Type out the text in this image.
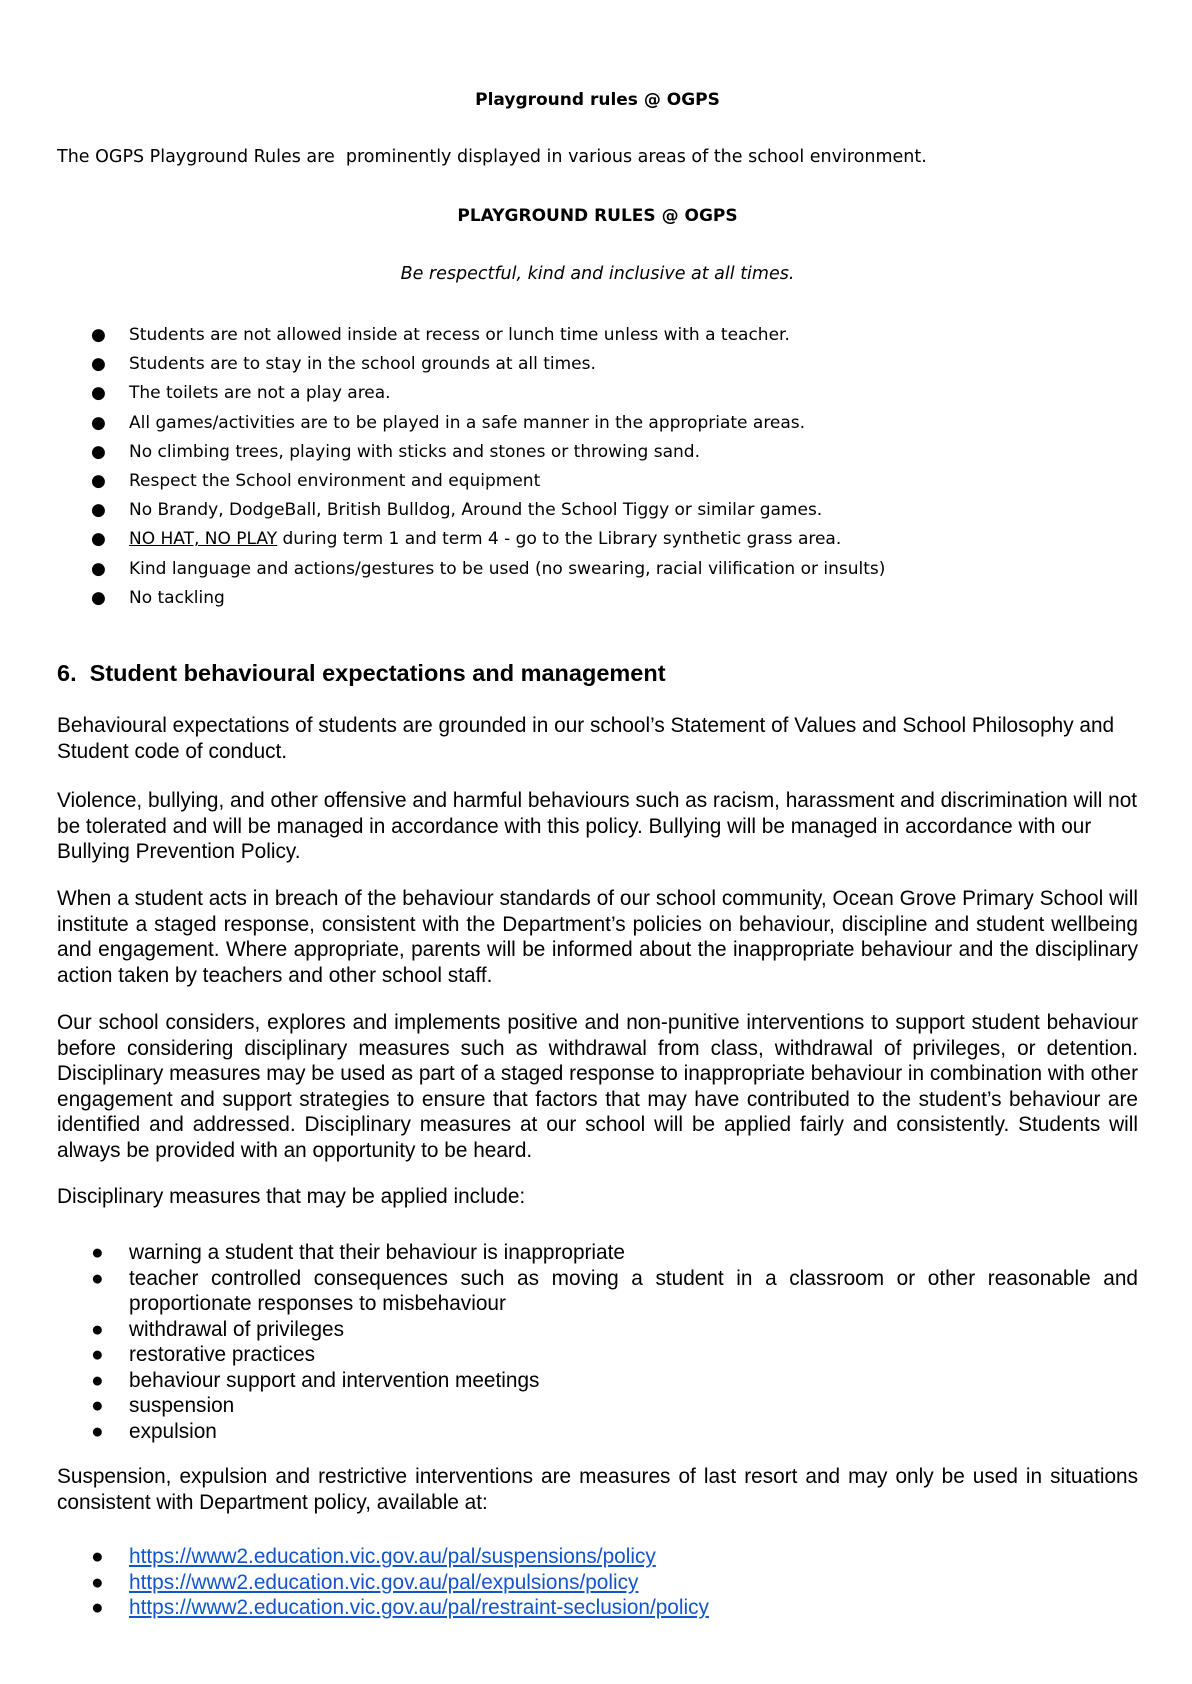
Playground rules @ OGPS
The OGPS Playground Rules are  prominently displayed in various areas of the school environment.
PLAYGROUND RULES @ OGPS
Be respectful, kind and inclusive at all times.
● Students are not allowed inside at recess or lunch time unless with a teacher.
● Students are to stay in the school grounds at all times.
● The toilets are not a play area.
● All games/activities are to be played in a safe manner in the appropriate areas.
● No climbing trees, playing with sticks and stones or throwing sand.
● Respect the School environment and equipment
● No Brandy, DodgeBall, British Bulldog, Around the School Tiggy or similar games.
● NO HAT, NO PLAY during term 1 and term 4 - go to the Library synthetic grass area.
● Kind language and actions/gestures to be used (no swearing, racial vilification or insults)
● No tackling
6.  Student behavioural expectations and management

Behavioural expectations of students are grounded in our school’s Statement of Values and School Philosophy and Student code of conduct.

Violence, bullying, and other offensive and harmful behaviours such as racism, harassment and discrimination will not be tolerated and will be managed in accordance with this policy. Bullying will be managed in accordance with our Bullying Prevention Policy.

When a student acts in breach of the behaviour standards of our school community, Ocean Grove Primary School will institute a staged response, consistent with the Department’s policies on behaviour, discipline and student wellbeing and engagement. Where appropriate, parents will be informed about the inappropriate behaviour and the disciplinary action taken by teachers and other school staff.

Our school considers, explores and implements positive and non-punitive interventions to support student behaviour before considering disciplinary measures such as withdrawal from class, withdrawal of privileges, or detention. Disciplinary measures may be used as part of a staged response to inappropriate behaviour in combination with other engagement and support strategies to ensure that factors that may have contributed to the student’s behaviour are identified and addressed. Disciplinary measures at our school will be applied fairly and consistently. Students will always be provided with an opportunity to be heard.

Disciplinary measures that may be applied include:

● warning a student that their behaviour is inappropriate
● teacher controlled consequences such as moving a student in a classroom or other reasonable and proportionate responses to misbehaviour
● withdrawal of privileges
● restorative practices
● behaviour support and intervention meetings
● suspension
● expulsion

Suspension, expulsion and restrictive interventions are measures of last resort and may only be used in situations consistent with Department policy, available at:

● https://www2.education.vic.gov.au/pal/suspensions/policy
● https://www2.education.vic.gov.au/pal/expulsions/policy
● https://www2.education.vic.gov.au/pal/restraint-seclusion/policy
